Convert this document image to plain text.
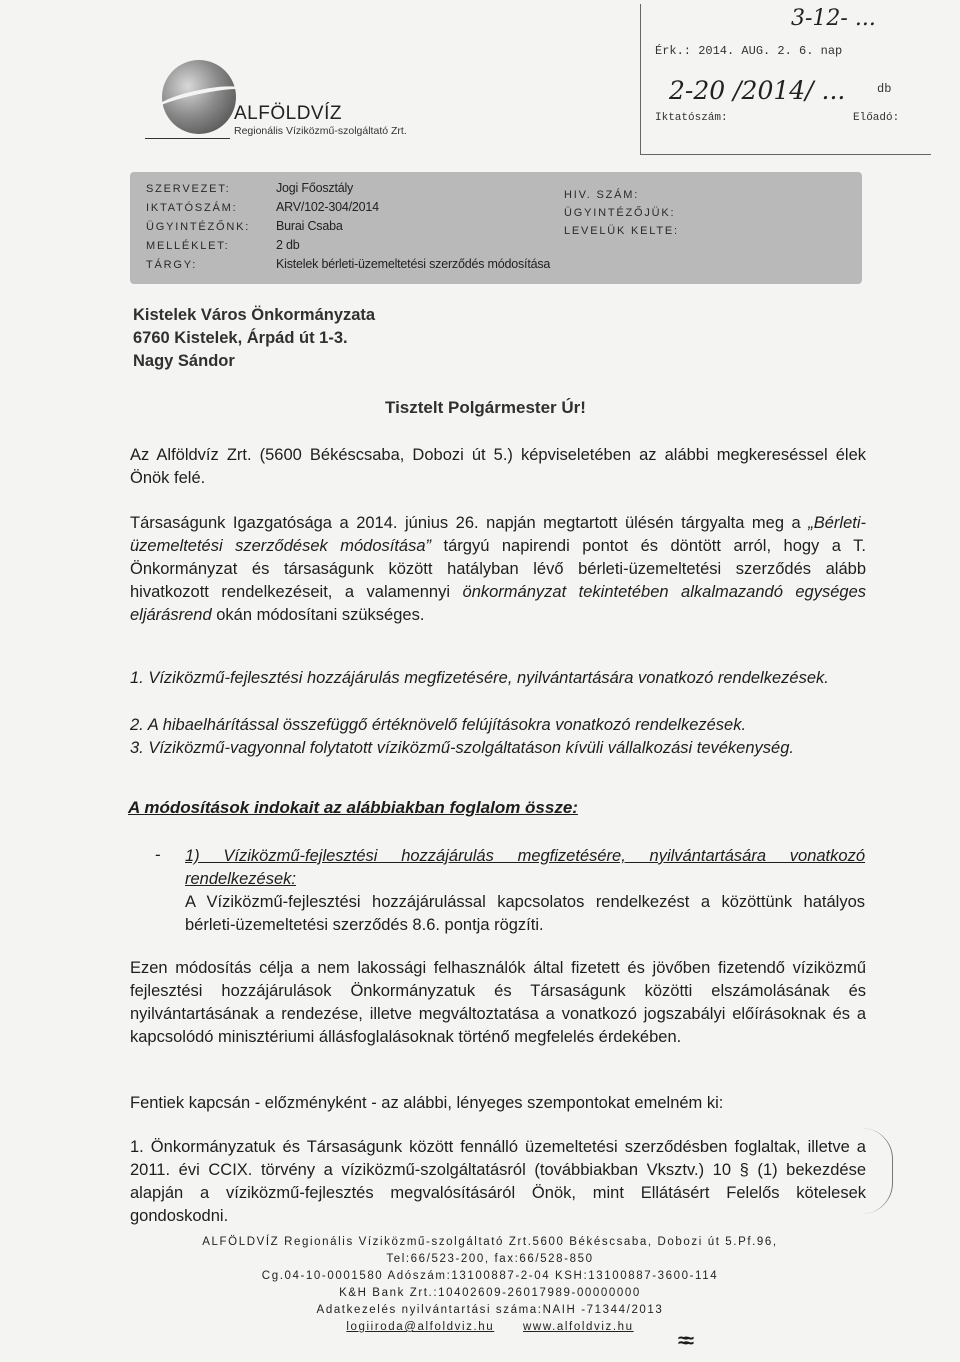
ALFÖLDVÍZ
Regionális Víziközmű-szolgáltató Zrt.
3-12- ...
Érk.: 2014. AUG. 2. 6. nap
2-20 /2014/ ...	db
Iktatószám:	Előadó:
SZERVEZET:	Jogi Főosztály
IKTATÓSZÁM:	ARV/102-304/2014
ÜGYINTÉZŐNK: Burai Csaba
MELLÉKLET:	2 db
TÁRGY:	Kistelek bérleti-üzemeltetési szerződés módosítása
HIV. SZÁM:
ÜGYINTÉZŐJÜK:
LEVELÜK KELTE:
Kistelek Város Önkormányzata
6760 Kistelek, Árpád út 1-3.
Nagy Sándor
Tisztelt Polgármester Úr!
Az Alföldvíz Zrt. (5600 Békéscsaba, Dobozi út 5.) képviseletében az alábbi megkereséssel élek Önök felé.
Társaságunk Igazgatósága a 2014. június 26. napján megtartott ülésén tárgyalta meg a „Bérleti-üzemeltetési szerződések módosítása” tárgyú napirendi pontot és döntött arról, hogy a T. Önkormányzat és társaságunk között hatályban lévő bérleti-üzemeltetési szerződés alább hivatkozott rendelkezéseit, a valamennyi önkormányzat tekintetében alkalmazandó egységes eljárásrend okán módosítani szükséges.
1. Víziközmű-fejlesztési hozzájárulás megfizetésére, nyilvántartására vonatkozó rendelkezések.
2. A hibaelhárítással összefüggő értéknövelő felújításokra vonatkozó rendelkezések.
3. Víziközmű-vagyonnal folytatott víziközmű-szolgáltatáson kívüli vállalkozási tevékenység.
A módosítások indokait az alábbiakban foglalom össze:
- 1) Víziközmű-fejlesztési hozzájárulás megfizetésére, nyilvántartására vonatkozó rendelkezések:
A Víziközmű-fejlesztési hozzájárulással kapcsolatos rendelkezést a közöttünk hatályos bérleti-üzemeltetési szerződés 8.6. pontja rögzíti.
Ezen módosítás célja a nem lakossági felhasználók által fizetett és jövőben fizetendő víziközmű fejlesztési hozzájárulások Önkormányzatuk és Társaságunk közötti elszámolásának és nyilvántartásának a rendezése, illetve megváltoztatása a vonatkozó jogszabályi előírásoknak és a kapcsolódó minisztériumi állásfoglalásoknak történő megfelelés érdekében.
Fentiek kapcsán - előzményként - az alábbi, lényeges szempontokat emelném ki:
1. Önkormányzatuk és Társaságunk között fennálló üzemeltetési szerződésben foglaltak, illetve a 2011. évi CCIX. törvény a víziközmű-szolgáltatásról (továbbiakban Vksztv.) 10 § (1) bekezdése alapján a víziközmű-fejlesztés megvalósításáról Önök, mint Ellátásért Felelős kötelesek gondoskodni.
ALFÖLDVÍZ Regionális Víziközmű-szolgáltató Zrt.5600 Békéscsaba, Dobozi út 5.Pf.96,
Tel:66/523-200, fax:66/528-850
Cg.04-10-0001580 Adószám:13100887-2-04 KSH:13100887-3600-114
K&H Bank Zrt.:10402609-26017989-00000000
Adatkezelés nyilvántartási száma:NAIH -71344/2013
logiiroda@alfoldviz.hu	www.alfoldviz.hu
≈≈
